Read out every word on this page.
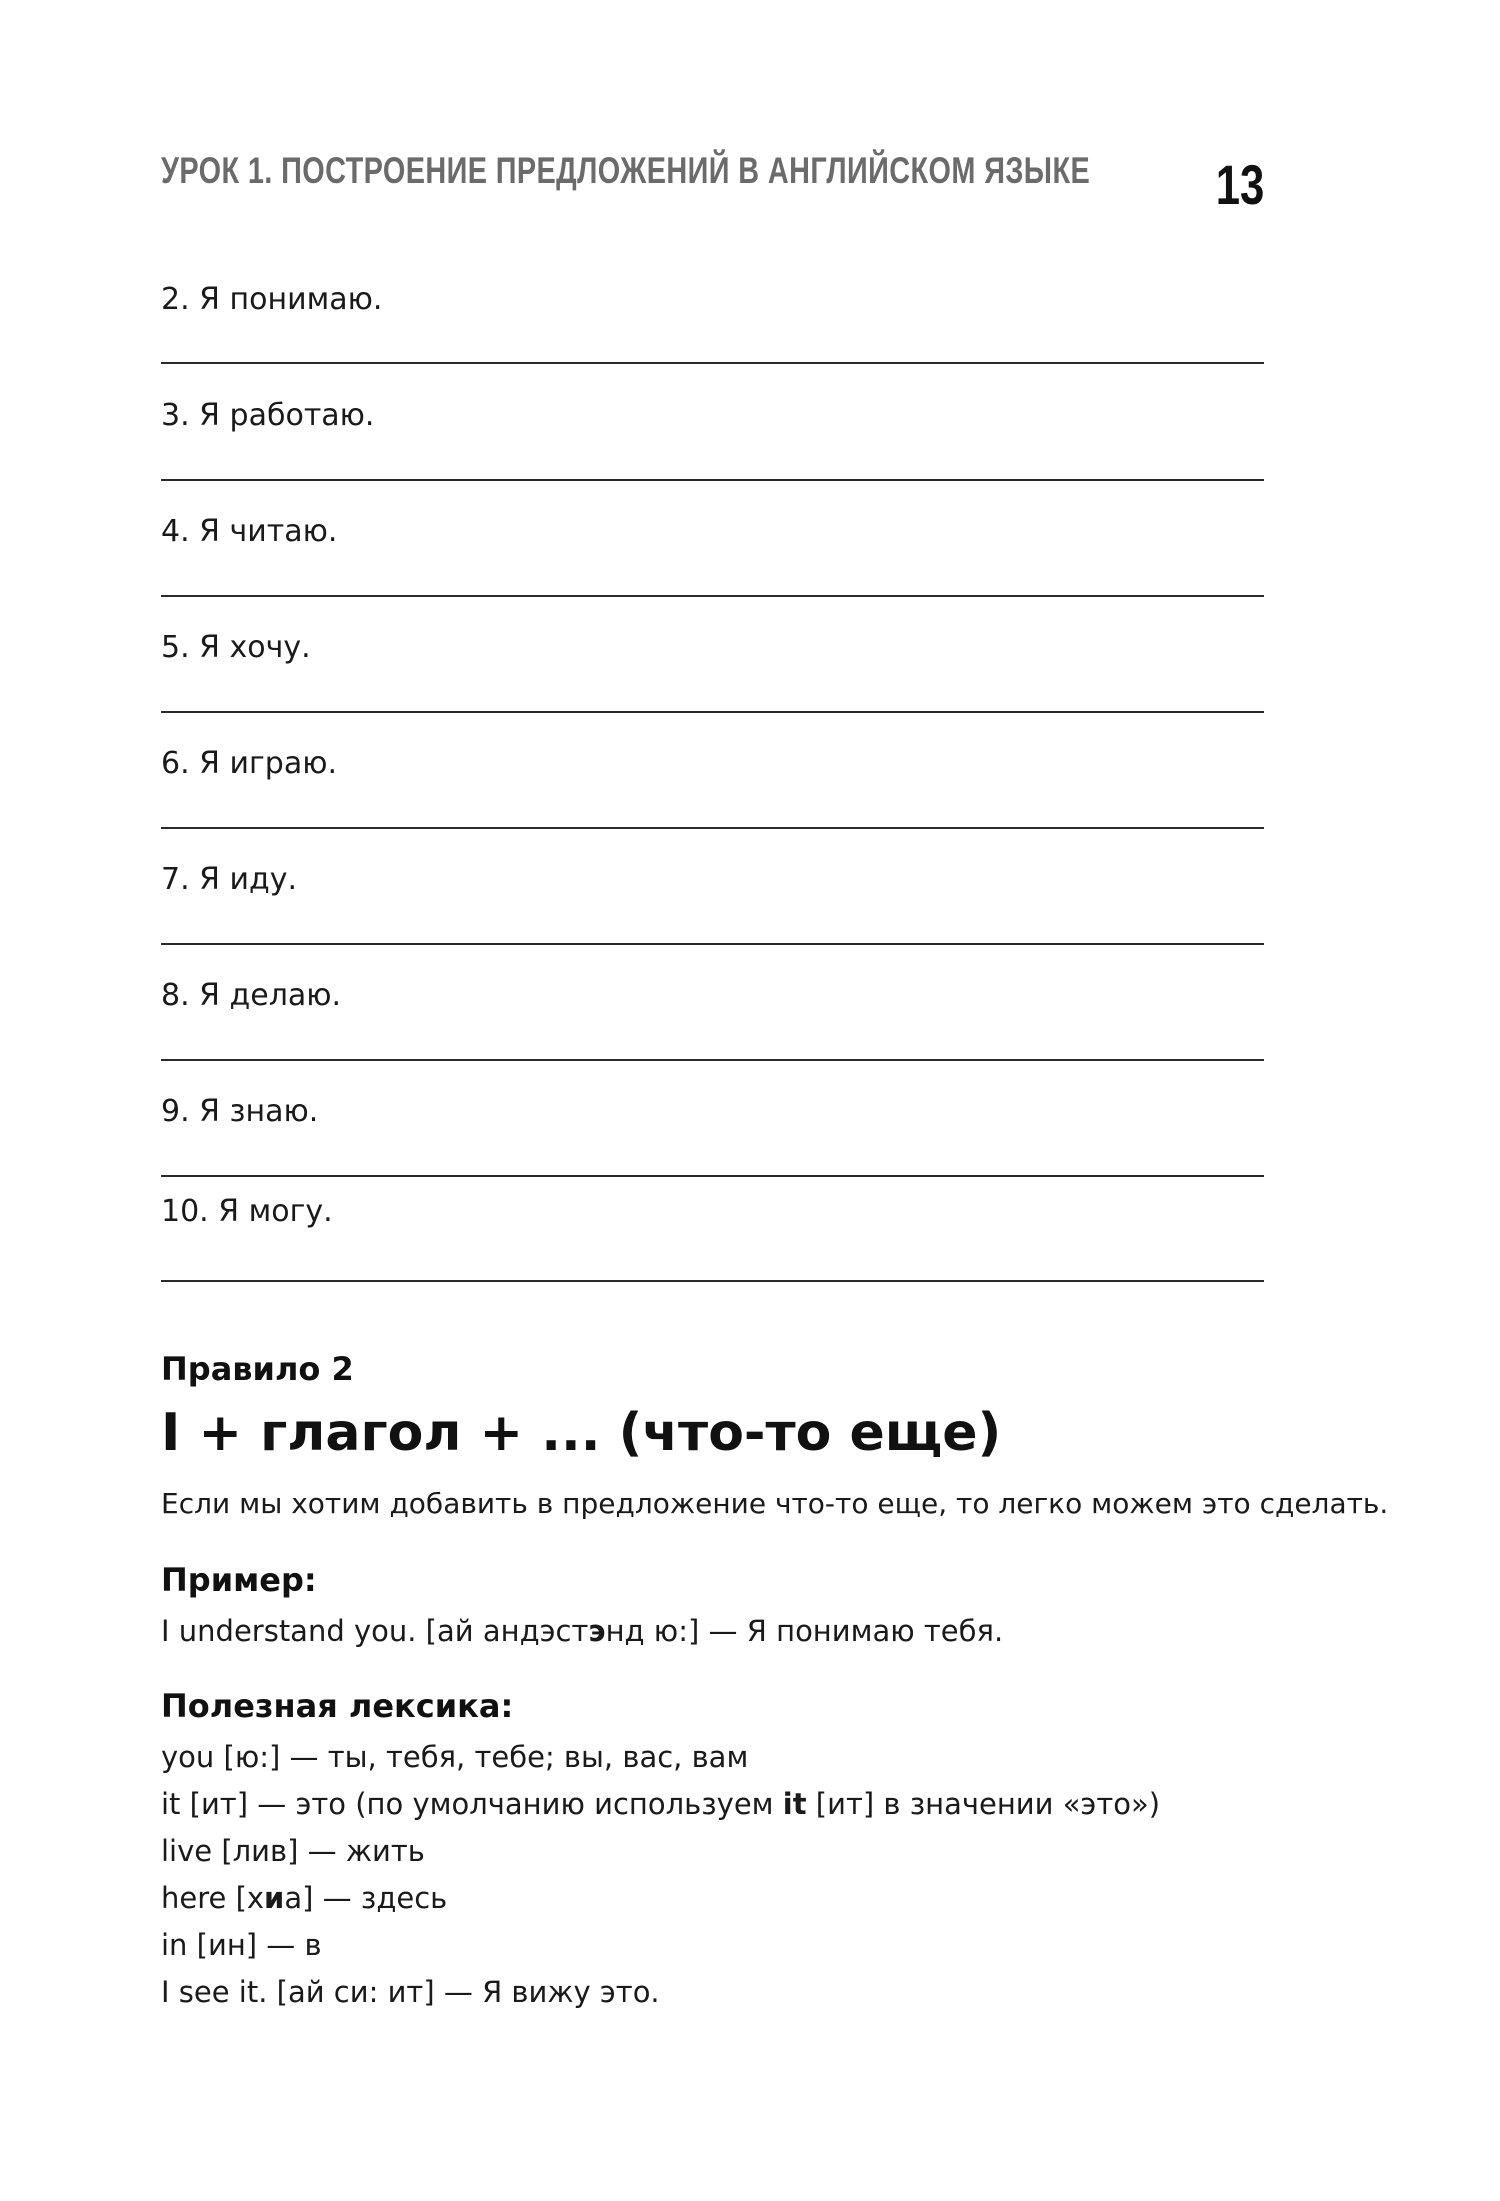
УРОК 1. ПОСТРОЕНИЕ ПРЕДЛОЖЕНИЙ В АНГЛИЙСКОМ ЯЗЫКЕ 13
2. Я понимаю.
3. Я работаю.
4. Я читаю.
5. Я хочу.
6. Я играю.
7. Я иду.
8. Я делаю.
9. Я знаю.
10. Я могу.
Правило 2
I + глагол + ... (что-то еще)
Если мы хотим добавить в предложение что-то еще, то легко можем это сделать.
Пример:
I understand you. [ай андэстэнд ю:] — Я понимаю тебя.
Полезная лексика:
you [ю:] — ты, тебя, тебе; вы, вас, вам
it [ит] — это (по умолчанию используем it [ит] в значении «это»)
live [лив] — жить
here [хиа] — здесь
in [ин] — в
I see it. [ай си: ит] — Я вижу это.
